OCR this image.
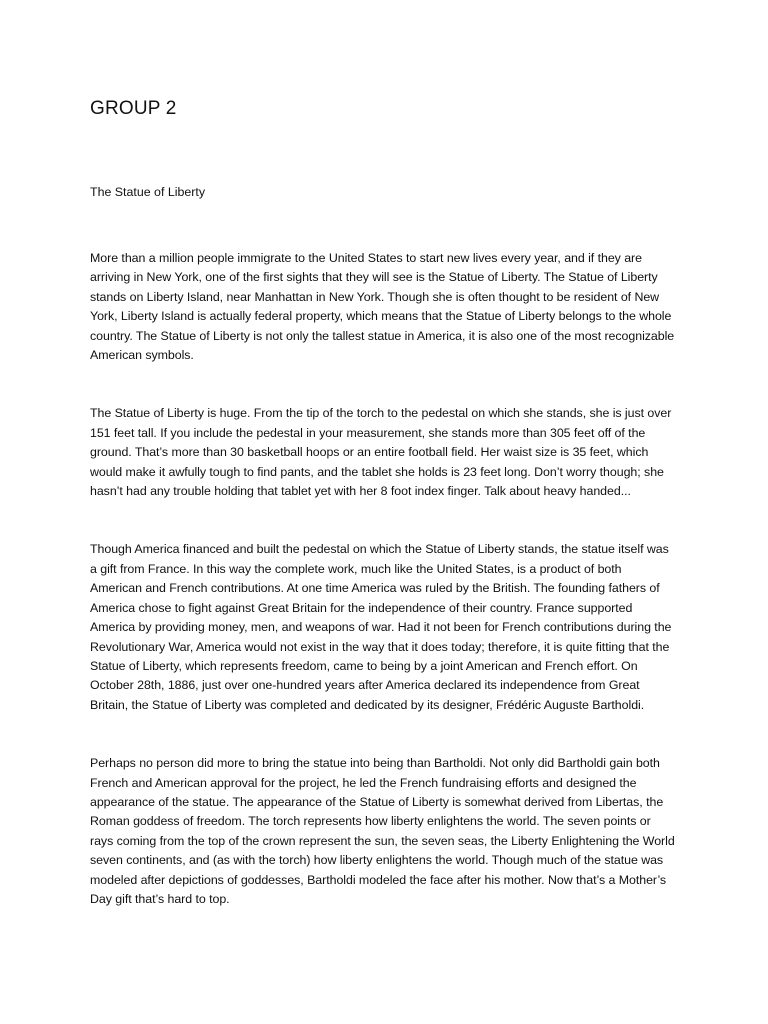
GROUP 2
The Statue of Liberty

More than a million people immigrate to the United States to start new lives every year, and if they are arriving in New York, one of the first sights that they will see is the Statue of Liberty. The Statue of Liberty stands on Liberty Island, near Manhattan in New York. Though she is often thought to be resident of New York, Liberty Island is actually federal property, which means that the Statue of Liberty belongs to the whole country. The Statue of Liberty is not only the tallest statue in America, it is also one of the most recognizable American symbols.

The Statue of Liberty is huge. From the tip of the torch to the pedestal on which she stands, she is just over 151 feet tall. If you include the pedestal in your measurement, she stands more than 305 feet off of the ground. That’s more than 30 basketball hoops or an entire football field. Her waist size is 35 feet, which would make it awfully tough to find pants, and the tablet she holds is 23 feet long. Don’t worry though; she hasn’t had any trouble holding that tablet yet with her 8 foot index finger. Talk about heavy handed...

Though America financed and built the pedestal on which the Statue of Liberty stands, the statue itself was a gift from France. In this way the complete work, much like the United States, is a product of both American and French contributions. At one time America was ruled by the British. The founding fathers of America chose to fight against Great Britain for the independence of their country. France supported America by providing money, men, and weapons of war. Had it not been for French contributions during the Revolutionary War, America would not exist in the way that it does today; therefore, it is quite fitting that the Statue of Liberty, which represents freedom, came to being by a joint American and French effort. On October 28th, 1886, just over one-hundred years after America declared its independence from Great Britain, the Statue of Liberty was completed and dedicated by its designer, Frédéric Auguste Bartholdi.

Perhaps no person did more to bring the statue into being than Bartholdi. Not only did Bartholdi gain both French and American approval for the project, he led the French fundraising efforts and designed the appearance of the statue. The appearance of the Statue of Liberty is somewhat derived from Libertas, the Roman goddess of freedom. The torch represents how liberty enlightens the world. The seven points or rays coming from the top of the crown represent the sun, the seven seas, the Liberty Enlightening the World seven continents, and (as with the torch) how liberty enlightens the world. Though much of the statue was modeled after depictions of goddesses, Bartholdi modeled the face after his mother. Now that’s a Mother’s Day gift that’s hard to top.
